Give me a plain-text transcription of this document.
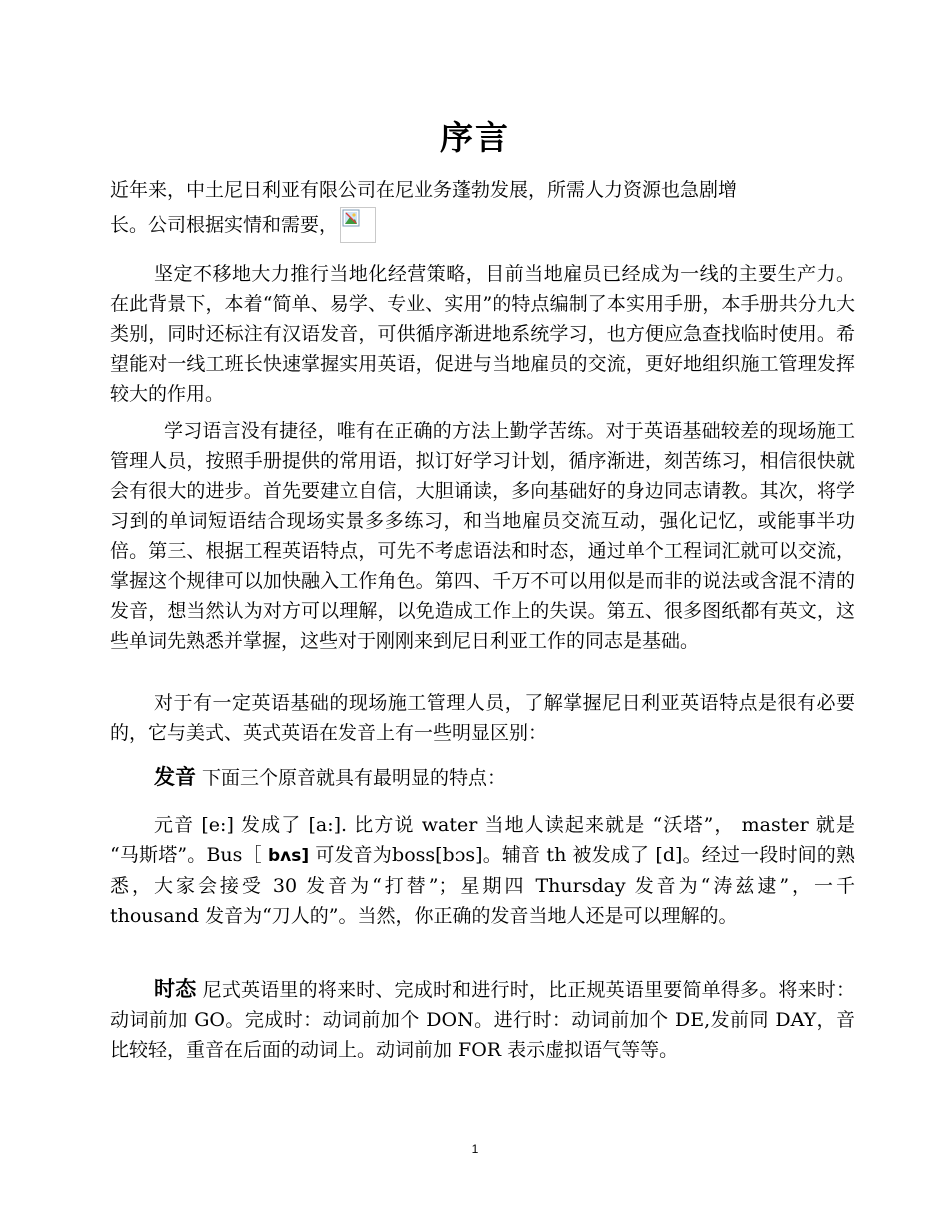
序言
近年来，中土尼日利亚有限公司在尼业务蓬勃发展，所需人力资源也急剧增
长。公司根据实情和需要，

坚定不移地大力推行当地化经营策略，目前当地雇员已经成为一线的主要生产力。在此背景下，本着“简单、易学、专业、实用”的特点编制了本实用手册，本手册共分九大类别，同时还标注有汉语发音，可供循序渐进地系统学习，也方便应急查找临时使用。希望能对一线工班长快速掌握实用英语，促进与当地雇员的交流，更好地组织施工管理发挥较大的作用。

学习语言没有捷径，唯有在正确的方法上勤学苦练。对于英语基础较差的现场施工管理人员，按照手册提供的常用语，拟订好学习计划，循序渐进，刻苦练习，相信很快就会有很大的进步。首先要建立自信，大胆诵读，多向基础好的身边同志请教。其次，将学习到的单词短语结合现场实景多多练习，和当地雇员交流互动，强化记忆，或能事半功倍。第三、根据工程英语特点，可先不考虑语法和时态，通过单个工程词汇就可以交流，掌握这个规律可以加快融入工作角色。第四、千万不可以用似是而非的说法或含混不清的发音，想当然认为对方可以理解，以免造成工作上的失误。第五、很多图纸都有英文，这些单词先熟悉并掌握，这些对于刚刚来到尼日利亚工作的同志是基础。

对于有一定英语基础的现场施工管理人员，了解掌握尼日利亚英语特点是很有必要的，它与美式、英式英语在发音上有一些明显区别：

发音 下面三个原音就具有最明显的特点：

元音 [e:] 发成了 [a:]. 比方说 water 当地人读起来就是 “沃塔”， master 就是 “马斯塔”。Bus［ bʌs] 可发音为boss[bɔs]。辅音 th 被发成了 [d]。经过一段时间的熟悉，大家会接受 30 发音为“打替”；星期四 Thursday 发音为“涛兹逮”，一千 thousand 发音为“刀人的”。当然，你正确的发音当地人还是可以理解的。

时态 尼式英语里的将来时、完成时和进行时，比正规英语里要简单得多。将来时：动词前加 GO。完成时：动词前加个 DON。进行时：动词前加个 DE,发前同 DAY，音比较轻，重音在后面的动词上。动词前加 FOR 表示虚拟语气等等。

1
